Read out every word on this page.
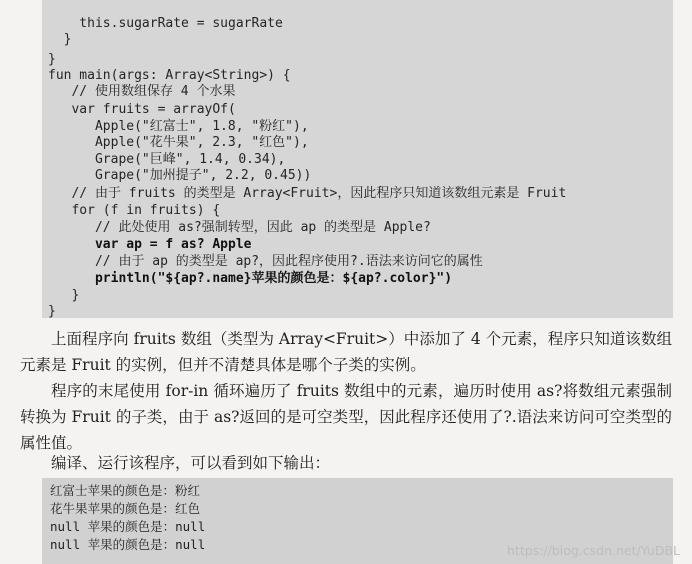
this.sugarRate = sugarRate
}
}
fun main(args: Array<String>) {
// 使用数组保存 4 个水果
var fruits = arrayOf(
Apple("红富士", 1.8, "粉红"),
Apple("花牛果", 2.3, "红色"),
Grape("巨峰", 1.4, 0.34),
Grape("加州提子", 2.2, 0.45))
// 由于 fruits 的类型是 Array<Fruit>，因此程序只知道该数组元素是 Fruit
for (f in fruits) {
// 此处使用 as?强制转型，因此 ap 的类型是 Apple?
var ap = f as? Apple
// 由于 ap 的类型是 ap?，因此程序使用?.语法来访问它的属性
println("${ap?.name}苹果的颜色是：${ap?.color}")
}
}

上面程序向 fruits 数组（类型为 Array<Fruit>）中添加了 4 个元素，程序只知道该数组元素是 Fruit 的实例，但并不清楚具体是哪个子类的实例。

程序的末尾使用 for-in 循环遍历了 fruits 数组中的元素，遍历时使用 as?将数组元素强制转换为 Fruit 的子类，由于 as?返回的是可空类型，因此程序还使用了?.语法来访问可空类型的属性值。

编译、运行该程序，可以看到如下输出：

红富士苹果的颜色是：粉红
花牛果苹果的颜色是：红色
null 苹果的颜色是：null
null 苹果的颜色是：null	https://blog.csdn.net/YuDBL
